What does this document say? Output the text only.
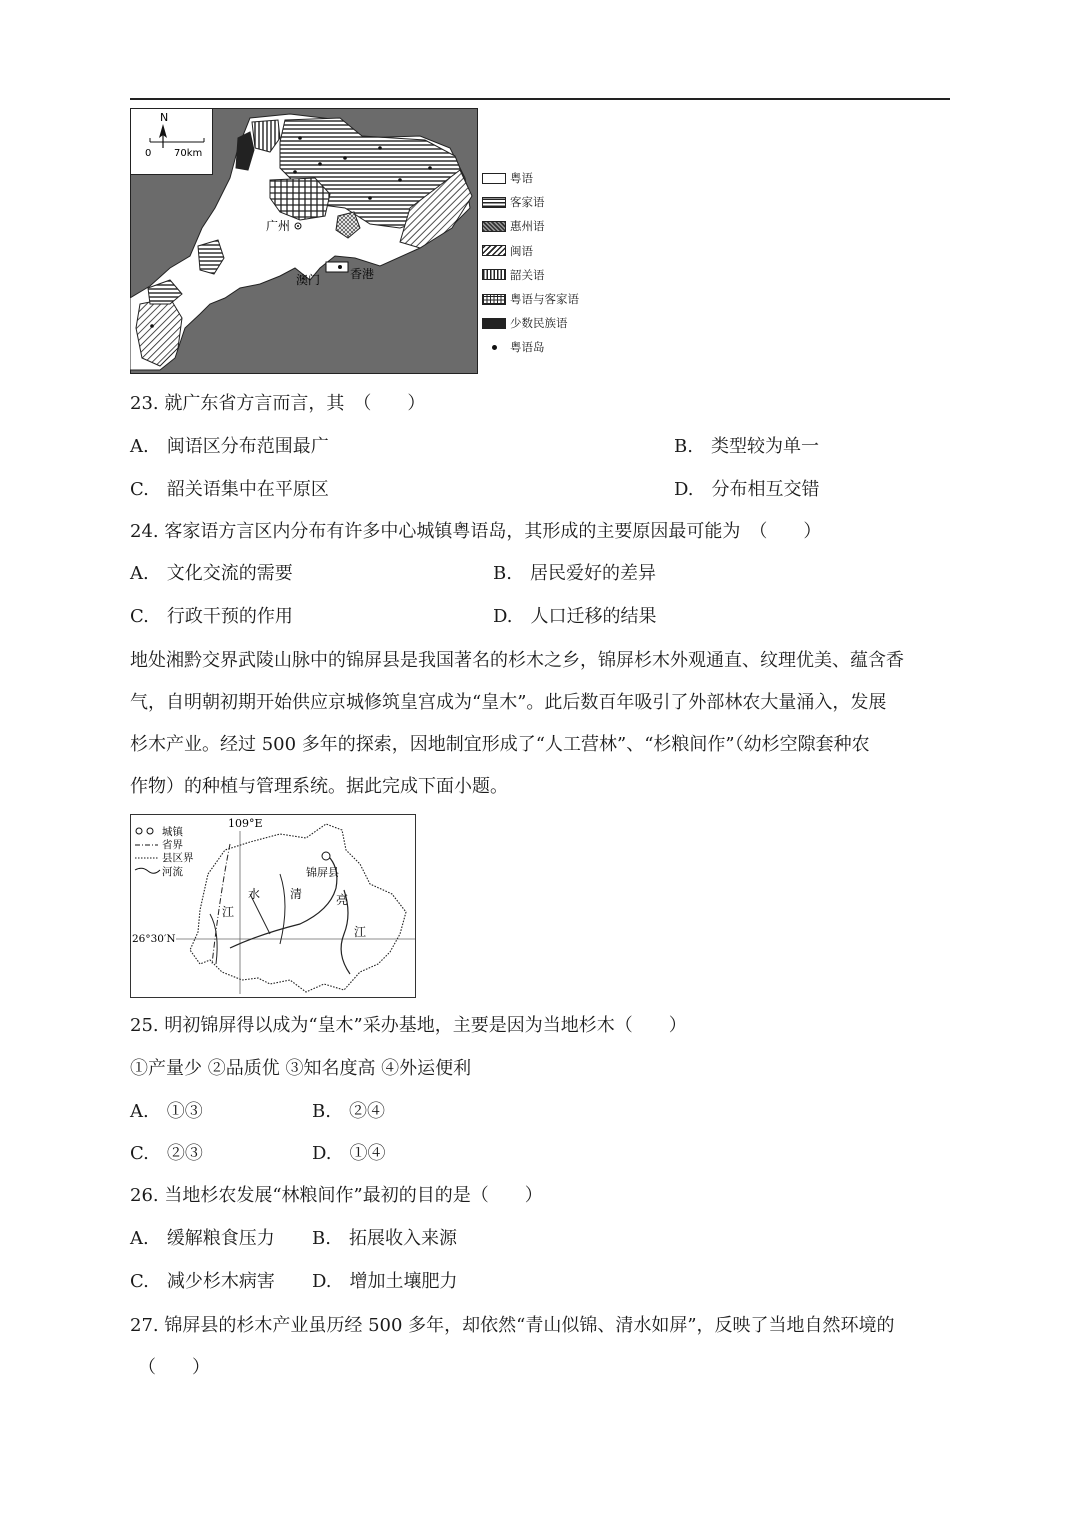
N
0 70km
广州
澳门 香港
粤语
客家语
惠州语
闽语
韶关语
粤语与客家语
少数民族语
粤语岛
23. 就广东省方言而言，其　（　　）
A.　闽语区分布范围最广	B.　类型较为单一
C.　韶关语集中在平原区	D.　分布相互交错
24. 客家语方言区内分布有许多中心城镇粤语岛，其形成的主要原因最可能为　（　　）
A.　文化交流的需要	B.　居民爱好的差异
C.　行政干预的作用	D.　人口迁移的结果
地处湘黔交界武陵山脉中的锦屏县是我国著名的杉木之乡，锦屏杉木外观通直、纹理优美、蕴含香
气，自明朝初期开始供应京城修筑皇宫成为“皇木”。此后数百年吸引了外部林农大量涌入，发展
杉木产业。经过 500 多年的探索，因地制宜形成了“人工营林”、“杉粮间作”（幼杉空隙套种农
作物）的种植与管理系统。据此完成下面小题。
城镇
省界
县区界
河流
109°E
26°30′N
锦屏县
清
水
江
亮
江
25. 明初锦屏得以成为“皇木”采办基地，主要是因为当地杉木（　　）
①产量少 ②品质优 ③知名度高 ④外运便利
A.　①③	B.　②④
C.　②③	D.　①④
26. 当地杉农发展“林粮间作”最初的目的是（　　）
A.　缓解粮食压力 B.　拓展收入来源
C.　减少杉木病害 D.　增加土壤肥力
27. 锦屏县的杉木产业虽历经 500 多年，却依然“青山似锦、清水如屏”，反映了当地自然环境的
（　　）
